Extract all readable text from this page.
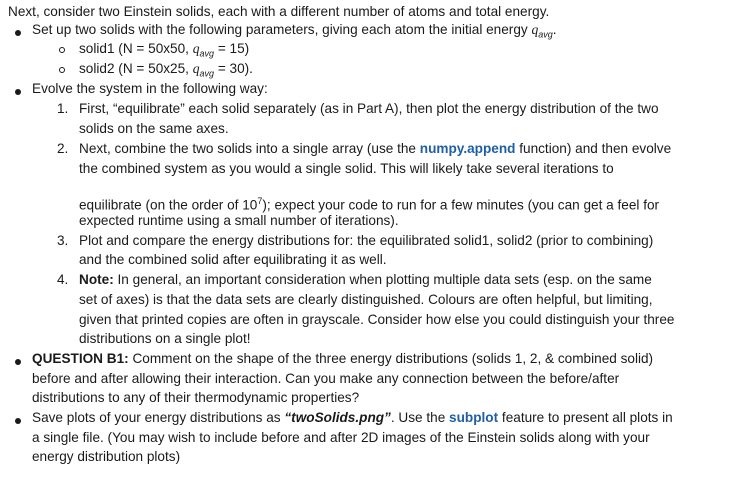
Next, consider two Einstein solids, each with a different number of atoms and total energy.
Set up two solids with the following parameters, giving each atom the initial energy $q_{avg}$.
solid1 (N = 50x50, $q_{avg} = 15$)
solid2 (N = 50x25, $q_{avg} = 30$).
Evolve the system in the following way:
1. First, “equilibrate” each solid separately (as in Part A), then plot the energy distribution of the two
solids on the same axes.
2. Next, combine the two solids into a single array (use the numpy.append function) and then evolve
the combined system as you would a single solid. This will likely take several iterations to
equilibrate (on the order of $10^7$); expect your code to run for a few minutes (you can get a feel for
expected runtime using a small number of iterations).
3. Plot and compare the energy distributions for: the equilibrated solid1, solid2 (prior to combining)
and the combined solid after equilibrating it as well.
4. Note: In general, an important consideration when plotting multiple data sets (esp. on the same
set of axes) is that the data sets are clearly distinguished. Colours are often helpful, but limiting,
given that printed copies are often in grayscale. Consider how else you could distinguish your three
distributions on a single plot!
QUESTION B1: Comment on the shape of the three energy distributions (solids 1, 2, & combined solid)
before and after allowing their interaction. Can you make any connection between the before/after
distributions to any of their thermodynamic properties?
Save plots of your energy distributions as “twoSolids.png”. Use the subplot feature to present all plots in
a single file. (You may wish to include before and after 2D images of the Einstein solids along with your
energy distribution plots)
